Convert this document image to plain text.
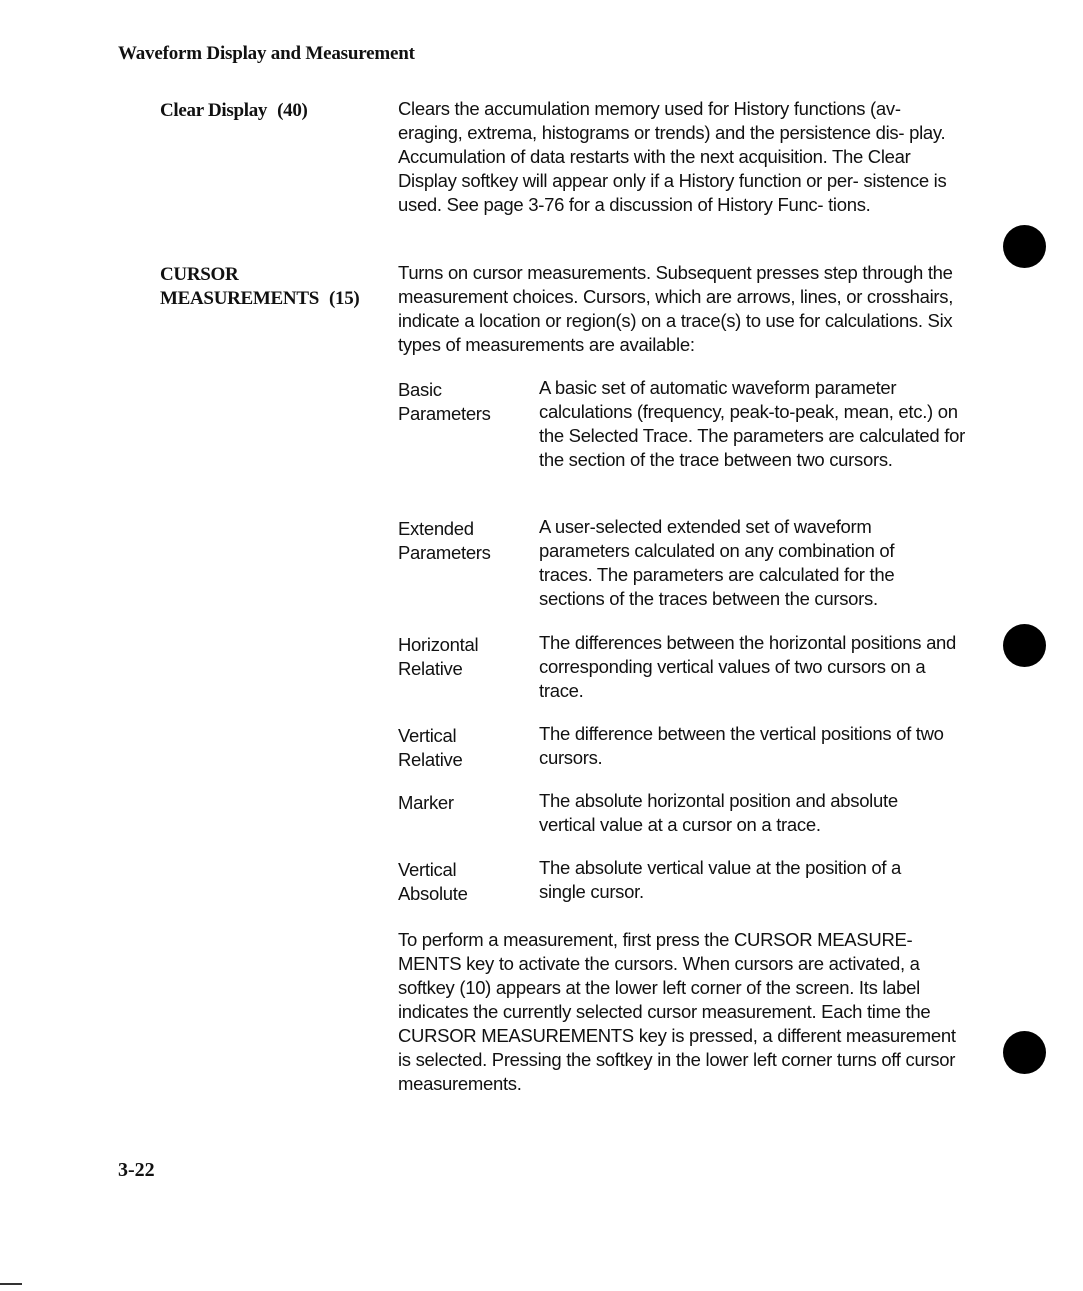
Waveform Display and Measurement
Clear Display (40)	Clears the accumulation memory used for History functions (av- eraging, extrema, histograms or trends) and the persistence dis- play. Accumulation of data restarts with the next acquisition. The Clear Display softkey will appear only if a History function or per- sistence is used. See page 3-76 for a discussion of History Func- tions.
CURSOR
MEASUREMENTS (15)
Turns on cursor measurements. Subsequent presses step through the measurement choices. Cursors, which are arrows, lines, or crosshairs, indicate a location or region(s) on a trace(s) to use for calculations. Six types of measurements are available:
Basic
Parameters
A basic set of automatic waveform parameter calculations (frequency, peak-to-peak, mean, etc.) on the Selected Trace. The parameters are calculated for the section of the trace between two cursors.
Extended
Parameters
A user-selected extended set of waveform parameters calculated on any combination of traces. The parameters are calculated for the sections of the traces between the cursors.
Horizontal
Relative
The differences between the horizontal positions and corresponding vertical values of two cursors on a trace.
Vertical
Relative
The difference between the vertical positions of two cursors.
Marker	The absolute horizontal position and absolute vertical value at a cursor on a trace.
Vertical
Absolute
The absolute vertical value at the position of a single cursor.
To perform a measurement, first press the CURSOR MEASURE- MENTS key to activate the cursors. When cursors are activated, a softkey (10) appears at the lower left corner of the screen. Its label indicates the currently selected cursor measurement. Each time the CURSOR MEASUREMENTS key is pressed, a different measurement is selected. Pressing the softkey in the lower left corner turns off cursor measurements.
3-22
